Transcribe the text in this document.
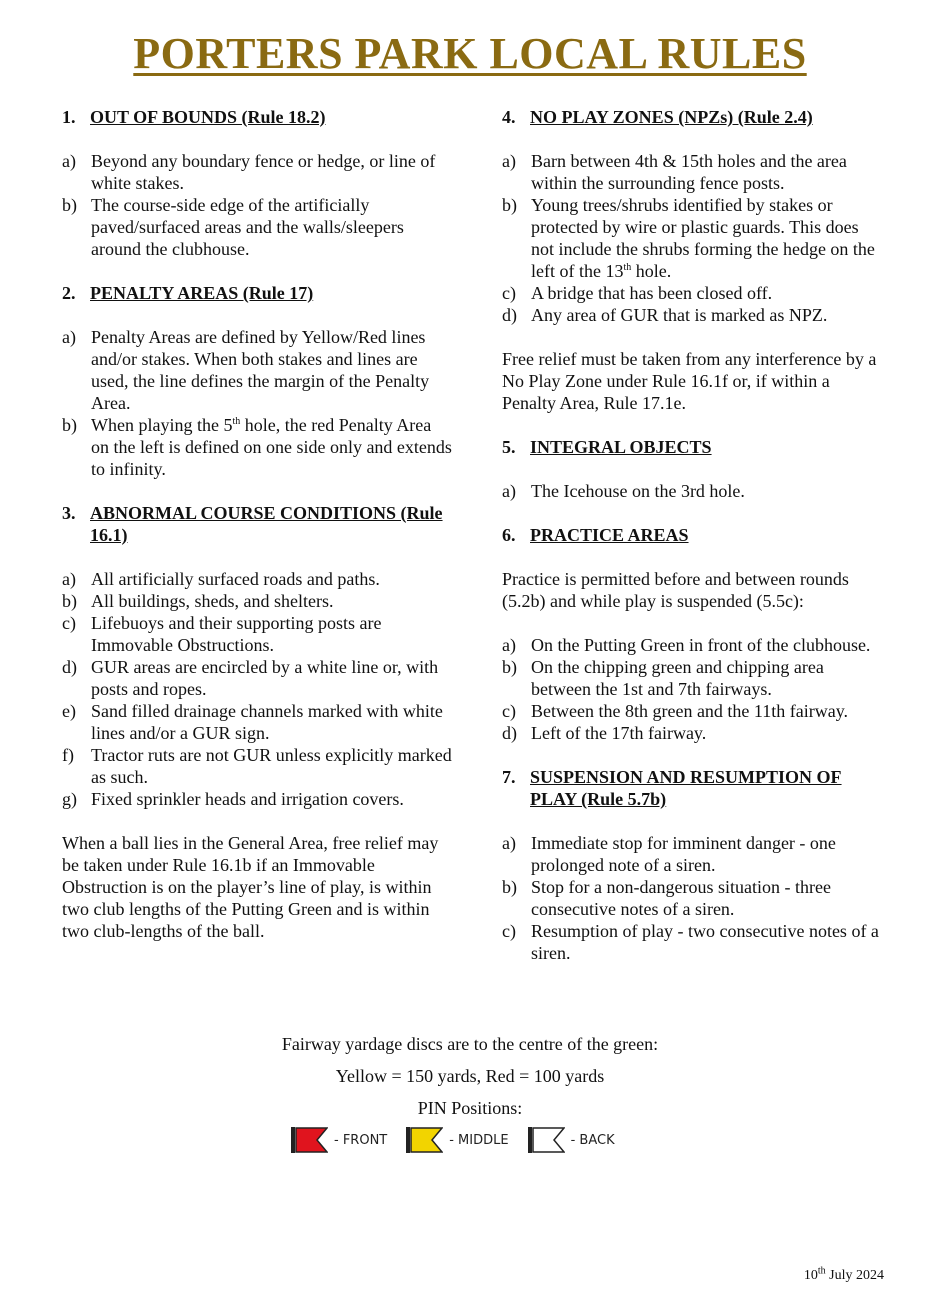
PORTERS PARK LOCAL RULES
1. OUT OF BOUNDS (Rule 18.2)
a) Beyond any boundary fence or hedge, or line of white stakes.
b) The course-side edge of the artificially paved/surfaced areas and the walls/sleepers around the clubhouse.
2. PENALTY AREAS (Rule 17)
a) Penalty Areas are defined by Yellow/Red lines and/or stakes. When both stakes and lines are used, the line defines the margin of the Penalty Area.
b) When playing the 5th hole, the red Penalty Area on the left is defined on one side only and extends to infinity.
3. ABNORMAL COURSE CONDITIONS (Rule 16.1)
a) All artificially surfaced roads and paths.
b) All buildings, sheds, and shelters.
c) Lifebuoys and their supporting posts are Immovable Obstructions.
d) GUR areas are encircled by a white line or, with posts and ropes.
e) Sand filled drainage channels marked with white lines and/or a GUR sign.
f) Tractor ruts are not GUR unless explicitly marked as such.
g) Fixed sprinkler heads and irrigation covers.

When a ball lies in the General Area, free relief may be taken under Rule 16.1b if an Immovable Obstruction is on the player’s line of play, is within two club lengths of the Putting Green and is within two club-lengths of the ball.

4. NO PLAY ZONES (NPZs) (Rule 2.4)
a) Barn between 4th & 15th holes and the area within the surrounding fence posts.
b) Young trees/shrubs identified by stakes or protected by wire or plastic guards. This does not include the shrubs forming the hedge on the left of the 13th hole.
c) A bridge that has been closed off.
d) Any area of GUR that is marked as NPZ.

Free relief must be taken from any interference by a No Play Zone under Rule 16.1f or, if within a Penalty Area, Rule 17.1e.

5. INTEGRAL OBJECTS
a) The Icehouse on the 3rd hole.
6. PRACTICE AREAS

Practice is permitted before and between rounds (5.2b) and while play is suspended (5.5c):

a) On the Putting Green in front of the clubhouse.
b) On the chipping green and chipping area between the 1st and 7th fairways.
c) Between the 8th green and the 11th fairway.
d) Left of the 17th fairway.
7. SUSPENSION AND RESUMPTION OF PLAY (Rule 5.7b)
a) Immediate stop for imminent danger - one prolonged note of a siren.
b) Stop for a non-dangerous situation - three consecutive notes of a siren.
c) Resumption of play - two consecutive notes of a siren.
Fairway yardage discs are to the centre of the green:
Yellow = 150 yards, Red = 100 yards
PIN Positions:
- FRONT	- MIDDLE	- BACK
10th July 2024
